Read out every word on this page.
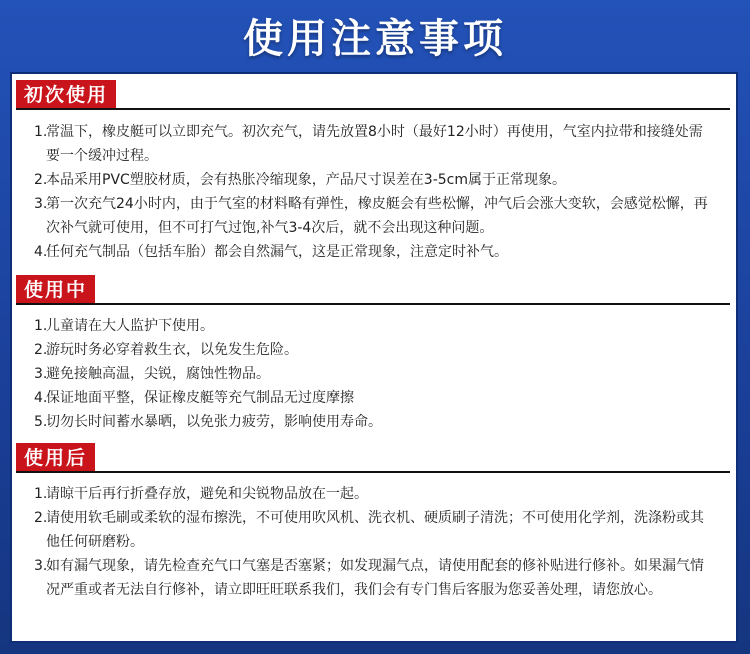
使用注意事项
初次使用
1.
常温下，橡皮艇可以立即充气。初次充气，请先放置8小时（最好12小时）再使用，气室内拉带和接缝处需要一个缓冲过程。
2.
本品采用PVC塑胶材质，会有热胀冷缩现象，产品尺寸误差在3-5cm属于正常现象。
3.
第一次充气24小时内，由于气室的材料略有弹性，橡皮艇会有些松懈，冲气后会涨大变软，会感觉松懈，再次补气就可使用，但不可打气过饱,补气3-4次后，就不会出现这种问题。
4.
任何充气制品（包括车胎）都会自然漏气，这是正常现象，注意定时补气。
使用中
1.
儿童请在大人监护下使用。
2.
游玩时务必穿着救生衣，以免发生危险。
3.
避免接触高温，尖锐，腐蚀性物品。
4.
保证地面平整，保证橡皮艇等充气制品无过度摩擦
5.
切勿长时间蓄水暴晒，以免张力疲劳，影响使用寿命。
使用后
1.
请晾干后再行折叠存放，避免和尖锐物品放在一起。
2.
请使用软毛刷或柔软的湿布擦洗，不可使用吹风机、洗衣机、硬质刷子清洗；不可使用化学剂，洗涤粉或其他任何研磨粉。
3.
如有漏气现象，请先检查充气口气塞是否塞紧；如发现漏气点，请使用配套的修补贴进行修补。如果漏气情况严重或者无法自行修补，请立即旺旺联系我们，我们会有专门售后客服为您妥善处理，请您放心。
